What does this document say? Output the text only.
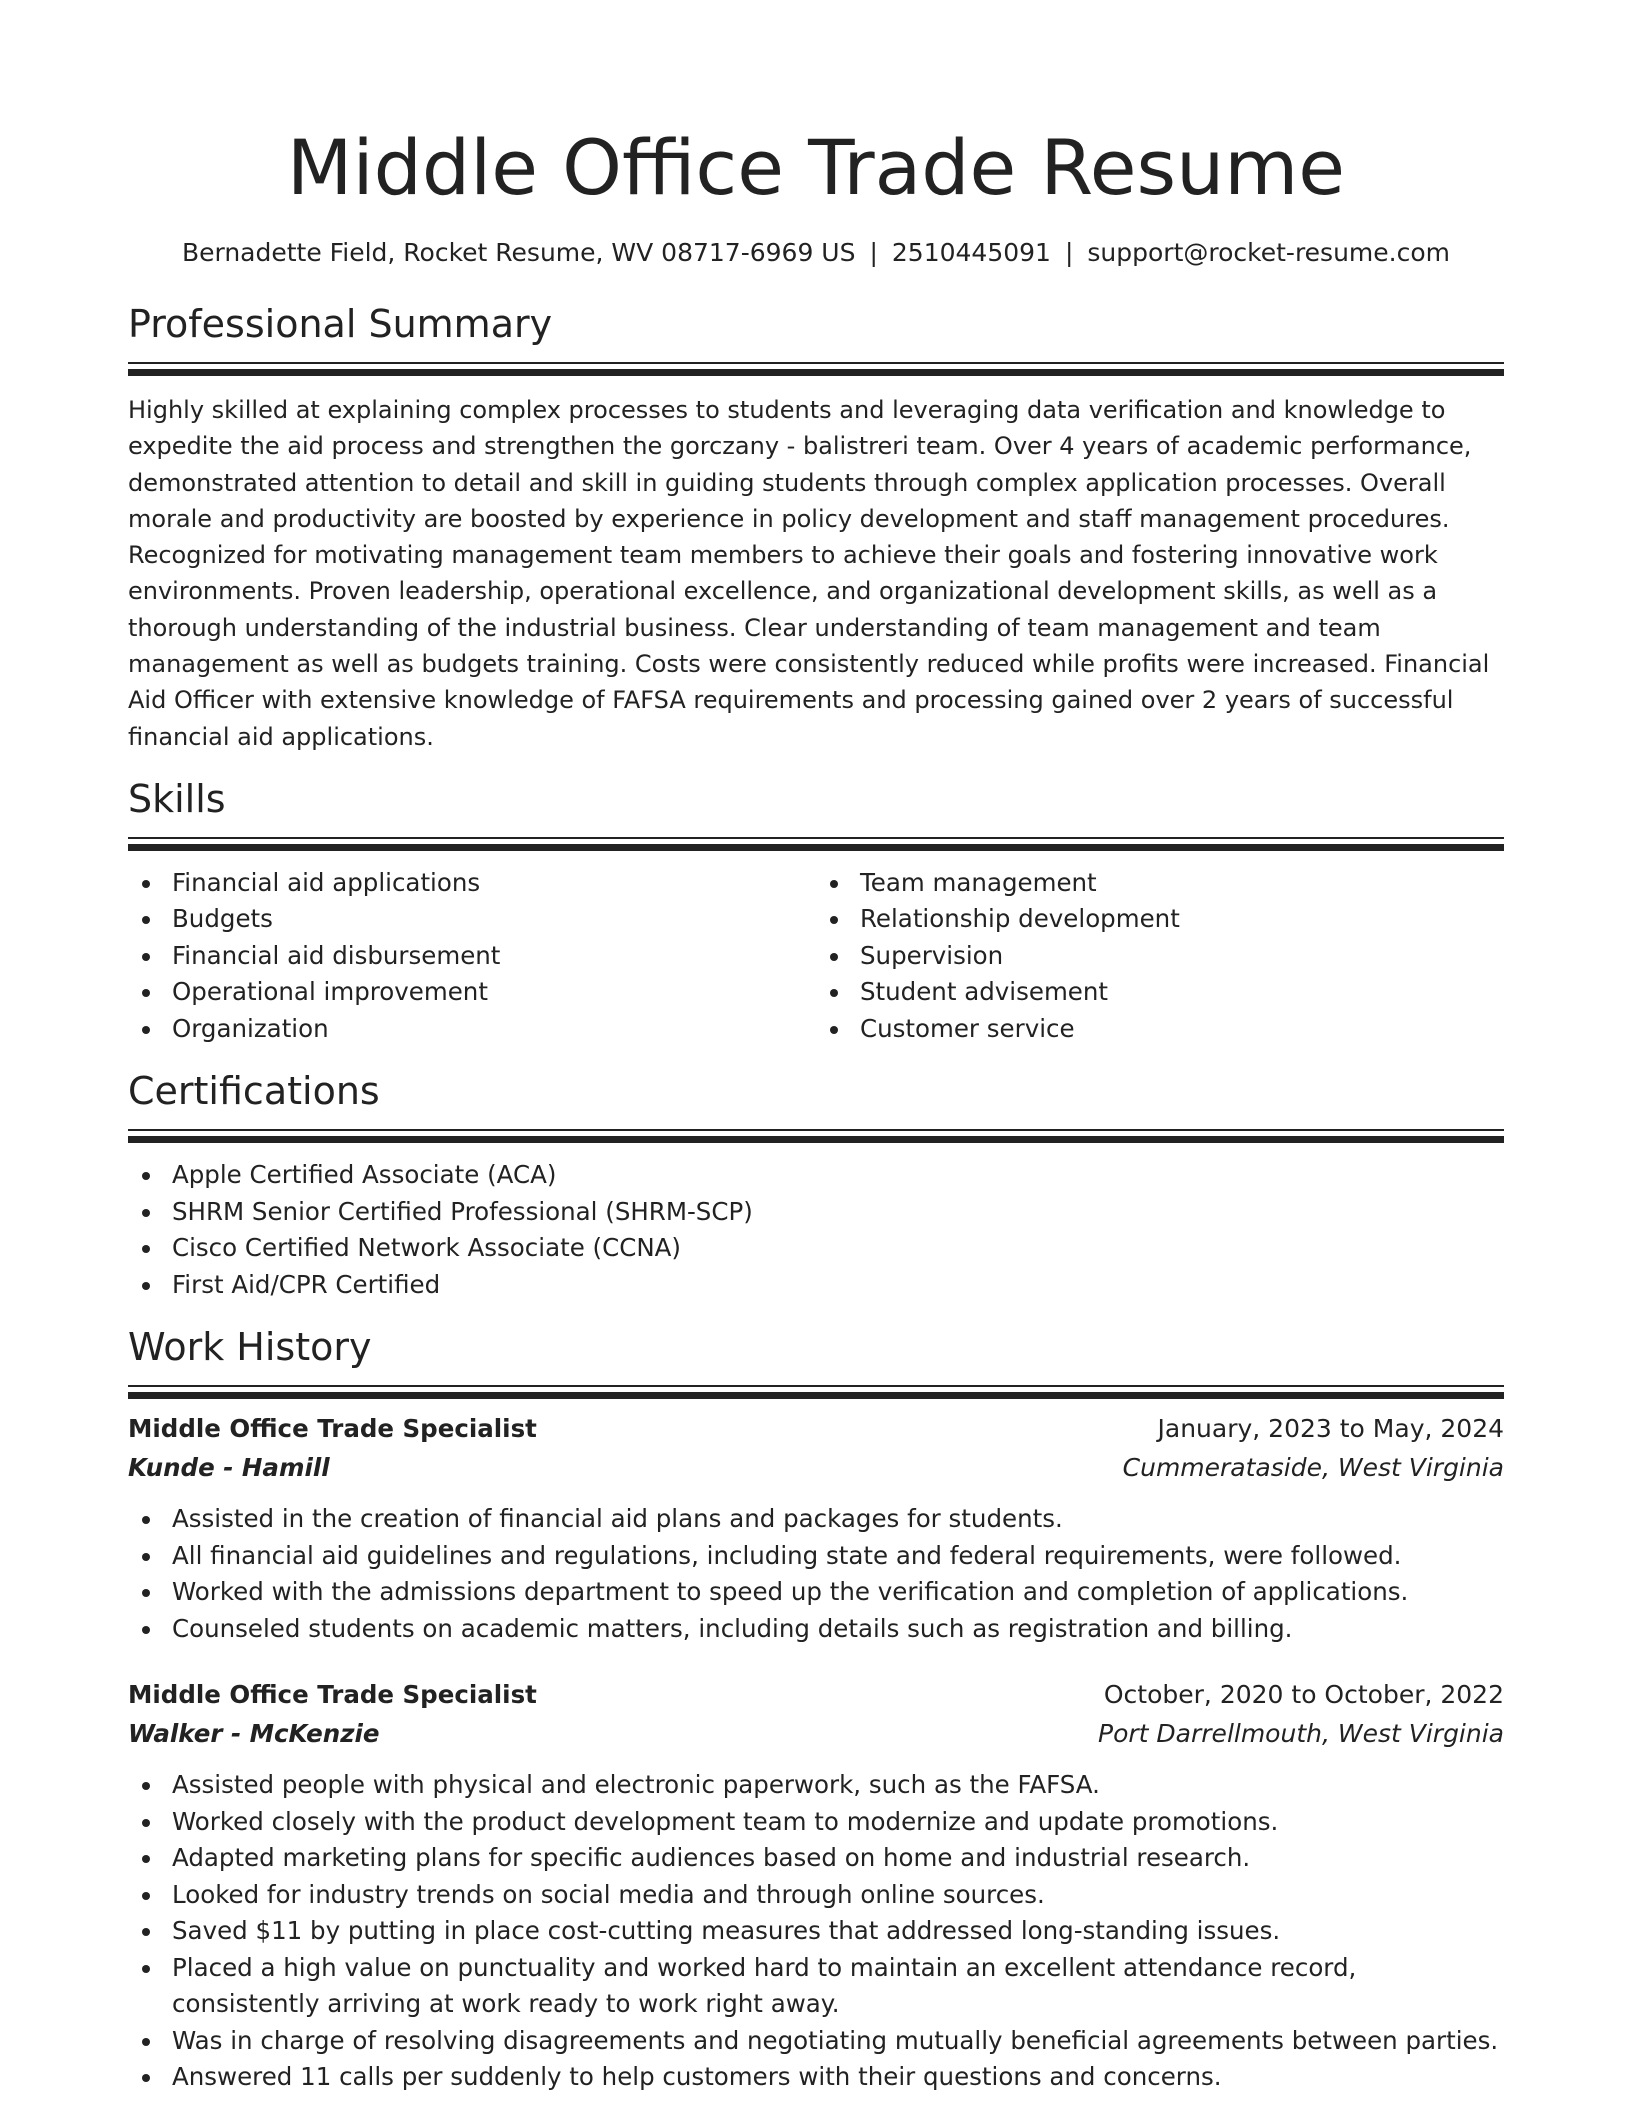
Middle Office Trade Resume
Bernadette Field, Rocket Resume, WV 08717-6969 US | 2510445091 | support@rocket-resume.com
Professional Summary

Highly skilled at explaining complex processes to students and leveraging data verification and knowledge to expedite the aid process and strengthen the gorczany - balistreri team. Over 4 years of academic performance, demonstrated attention to detail and skill in guiding students through complex application processes. Overall morale and productivity are boosted by experience in policy development and staff management procedures. Recognized for motivating management team members to achieve their goals and fostering innovative work environments. Proven leadership, operational excellence, and organizational development skills, as well as a thorough understanding of the industrial business. Clear understanding of team management and team management as well as budgets training. Costs were consistently reduced while profits were increased. Financial Aid Officer with extensive knowledge of FAFSA requirements and processing gained over 2 years of successful financial aid applications.

Skills
Financial aid applications
Budgets
Financial aid disbursement
Operational improvement
Organization
Team management
Relationship development
Supervision
Student advisement
Customer service
Certifications
Apple Certified Associate (ACA)
SHRM Senior Certified Professional (SHRM-SCP)
Cisco Certified Network Associate (CCNA)
First Aid/CPR Certified
Work History
Middle Office Trade Specialist	January, 2023 to May, 2024
Kunde - Hamill	Cummerataside, West Virginia
Assisted in the creation of financial aid plans and packages for students.
All financial aid guidelines and regulations, including state and federal requirements, were followed.
Worked with the admissions department to speed up the verification and completion of applications.
Counseled students on academic matters, including details such as registration and billing.
Middle Office Trade Specialist	October, 2020 to October, 2022
Walker - McKenzie	Port Darrellmouth, West Virginia
Assisted people with physical and electronic paperwork, such as the FAFSA.
Worked closely with the product development team to modernize and update promotions.
Adapted marketing plans for specific audiences based on home and industrial research.
Looked for industry trends on social media and through online sources.
Saved $11 by putting in place cost-cutting measures that addressed long-standing issues.
Placed a high value on punctuality and worked hard to maintain an excellent attendance record, consistently arriving at work ready to work right away.
Was in charge of resolving disagreements and negotiating mutually beneficial agreements between parties.
Answered 11 calls per suddenly to help customers with their questions and concerns.
